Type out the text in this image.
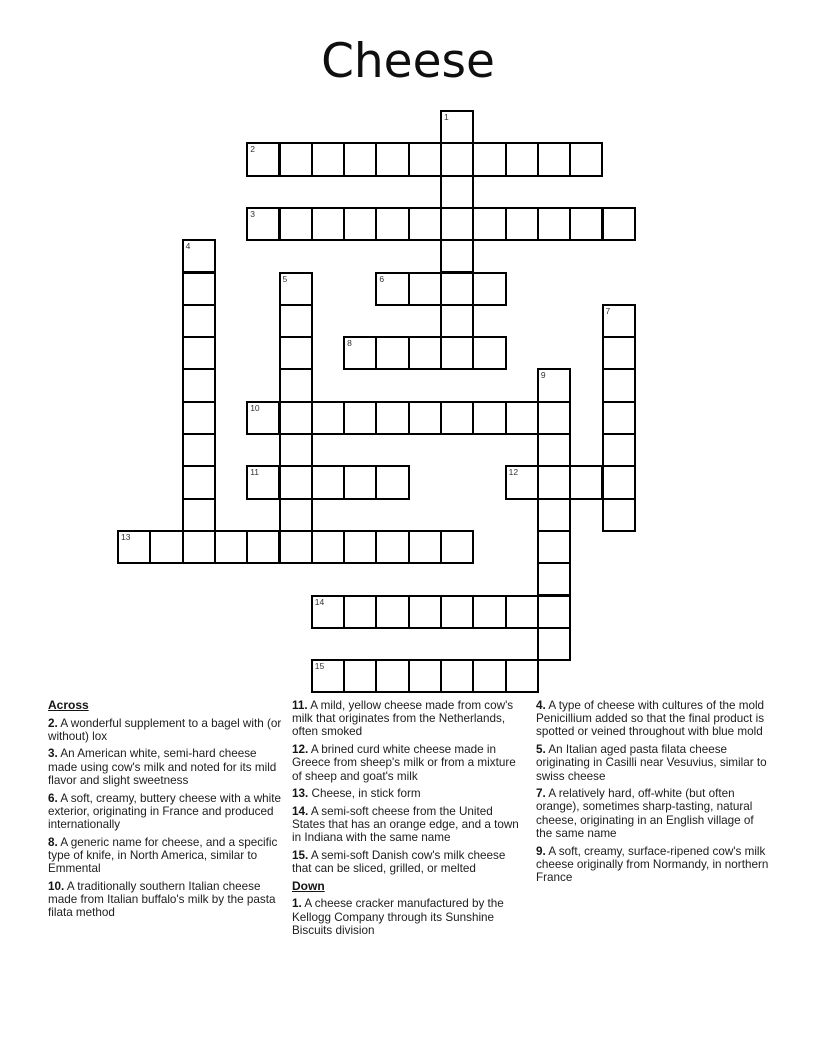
Cheese
1
2
12
11
13
14
15
3
4
5	6
7
8
9
10
Across

2. A wonderful supplement to a bagel with (or without) lox

3. An American white, semi-hard cheese made using cow's milk and noted for its mild flavor and slight sweetness

6. A soft, creamy, buttery cheese with a white exterior, originating in France and produced internationally

8. A generic name for cheese, and a specific type of knife, in North America, similar to Emmental

10. A traditionally southern Italian cheese made from Italian buffalo's milk by the pasta filata method

11. A mild, yellow cheese made from cow's milk that originates from the Netherlands, often smoked

12. A brined curd white cheese made in Greece from sheep's milk or from a mixture of sheep and goat's milk

13. Cheese, in stick form

14. A semi-soft cheese from the United States that has an orange edge, and a town in Indiana with the same name

15. A semi-soft Danish cow's milk cheese that can be sliced, grilled, or melted

Down

1. A cheese cracker manufactured by the Kellogg Company through its Sunshine Biscuits division

4. A type of cheese with cultures of the mold Penicillium added so that the final product is spotted or veined throughout with blue mold

5. An Italian aged pasta filata cheese originating in Casilli near Vesuvius, similar to swiss cheese

7. A relatively hard, off-white (but often orange), sometimes sharp-tasting, natural cheese, originating in an English village of the same name

9. A soft, creamy, surface-ripened cow's milk cheese originally from Normandy, in northern France
